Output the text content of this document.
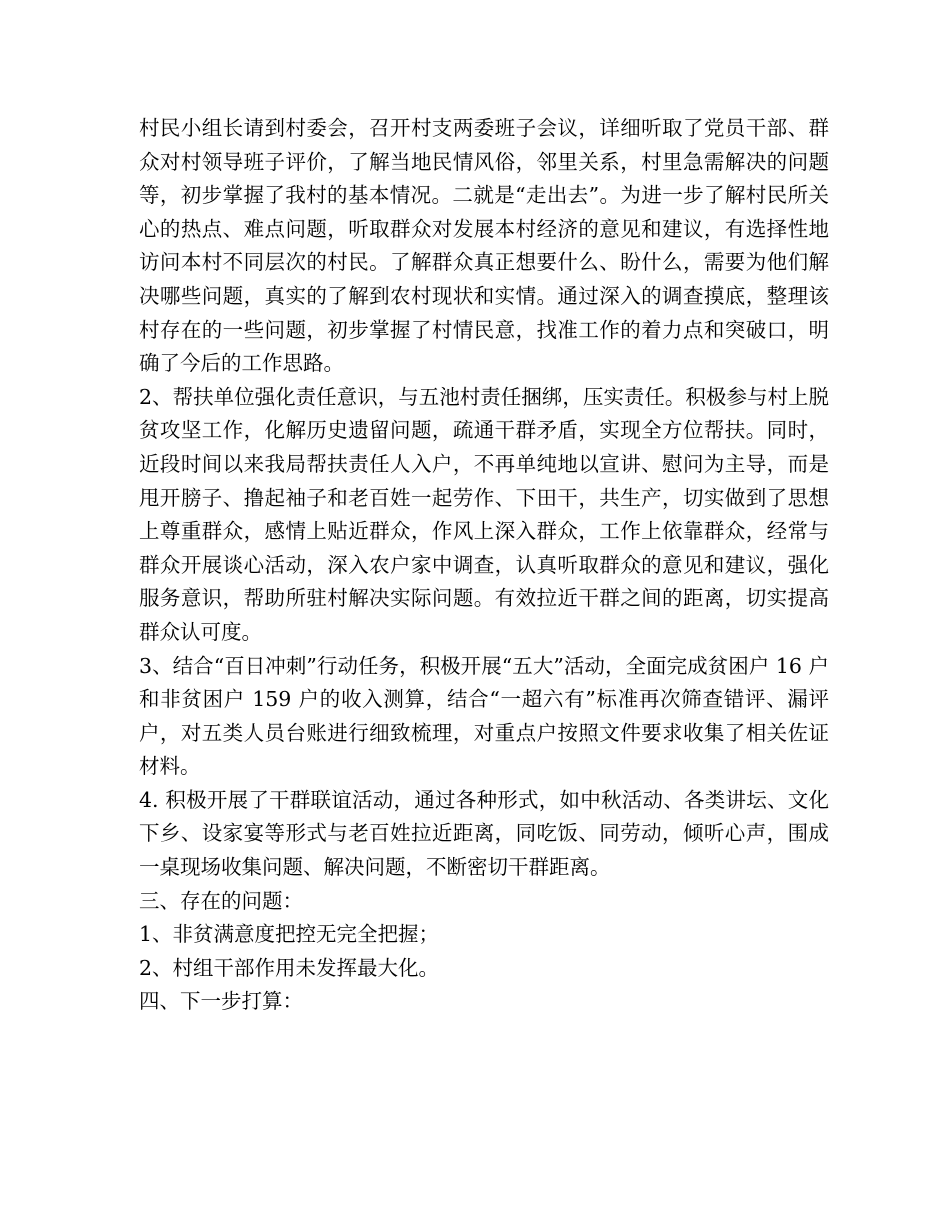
村民小组长请到村委会，召开村支两委班子会议，详细听取了党员干部、群众对村领导班子评价，了解当地民情风俗，邻里关系，村里急需解决的问题等，初步掌握了我村的基本情况。二就是“走出去”。为进一步了解村民所关心的热点、难点问题，听取群众对发展本村经济的意见和建议，有选择性地访问本村不同层次的村民。了解群众真正想要什么、盼什么，需要为他们解决哪些问题，真实的了解到农村现状和实情。通过深入的调查摸底，整理该村存在的一些问题，初步掌握了村情民意，找准工作的着力点和突破口，明确了今后的工作思路。

2、帮扶单位强化责任意识，与五池村责任捆绑，压实责任。积极参与村上脱贫攻坚工作，化解历史遗留问题，疏通干群矛盾，实现全方位帮扶。同时，近段时间以来我局帮扶责任人入户，不再单纯地以宣讲、慰问为主导，而是甩开膀子、撸起袖子和老百姓一起劳作、下田干，共生产，切实做到了思想上尊重群众，感情上贴近群众，作风上深入群众，工作上依靠群众，经常与群众开展谈心活动，深入农户家中调查，认真听取群众的意见和建议，强化服务意识，帮助所驻村解决实际问题。有效拉近干群之间的距离，切实提高群众认可度。

3、结合“百日冲刺”行动任务，积极开展“五大”活动，全面完成贫困户 16 户和非贫困户 159 户的收入测算，结合“一超六有”标准再次筛查错评、漏评户，对五类人员台账进行细致梳理，对重点户按照文件要求收集了相关佐证材料。

4. 积极开展了干群联谊活动，通过各种形式，如中秋活动、各类讲坛、文化下乡、设家宴等形式与老百姓拉近距离，同吃饭、同劳动，倾听心声，围成一桌现场收集问题、解决问题，不断密切干群距离。

三、存在的问题：

1、非贫满意度把控无完全把握；

2、村组干部作用未发挥最大化。

四、下一步打算：
